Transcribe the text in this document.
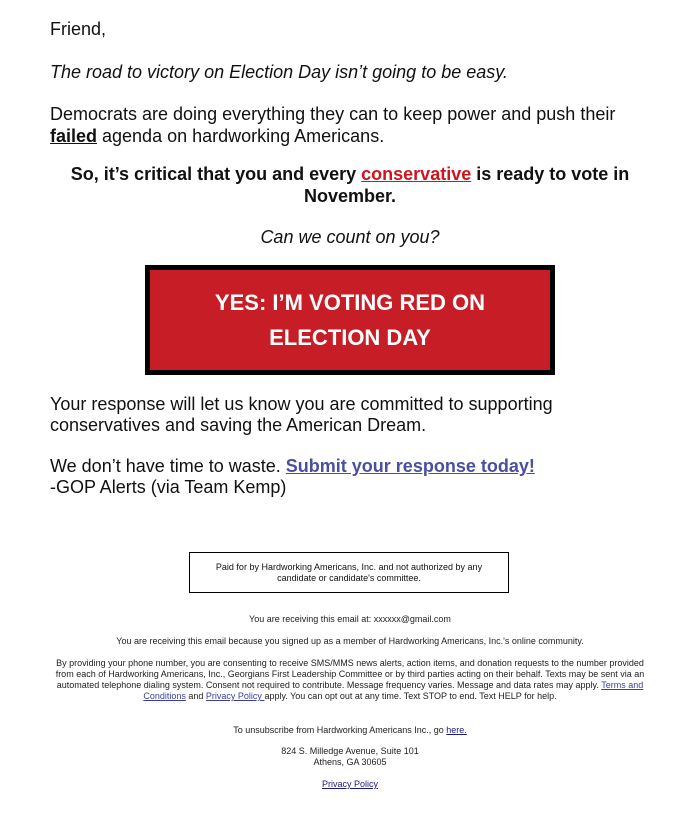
Friend,

The road to victory on Election Day isn’t going to be easy.

Democrats are doing everything they can to keep power and push their failed agenda on hardworking Americans.

So, it’s critical that you and every conservative is ready to vote in November.

Can we count on you?

YES: I’M VOTING RED ON
ELECTION DAY

Your response will let us know you are committed to supporting conservatives and saving the American Dream.

We don’t have time to waste. Submit your response today!
-GOP Alerts (via Team Kemp)

Paid for by Hardworking Americans, Inc. and not authorized by any candidate or candidate's committee.
You are receiving this email at: xxxxxx@gmail.com
You are receiving this email because you signed up as a member of Hardworking Americans, Inc.'s online community.
By providing your phone number, you are consenting to receive SMS/MMS news alerts, action items, and donation requests to the number provided from each of Hardworking Americans, Inc., Georgians First Leadership Committee or by third parties acting on their behalf. Texts may be sent via an automated telephone dialing system. Consent not required to contribute. Message frequency varies. Message and data rates may apply. Terms and Conditions and Privacy Policy apply. You can opt out at any time. Text STOP to end. Text HELP for help.
To unsubscribe from Hardworking Americans Inc., go here.
824 S. Milledge Avenue, Suite 101
Athens, GA 30605
Privacy Policy
